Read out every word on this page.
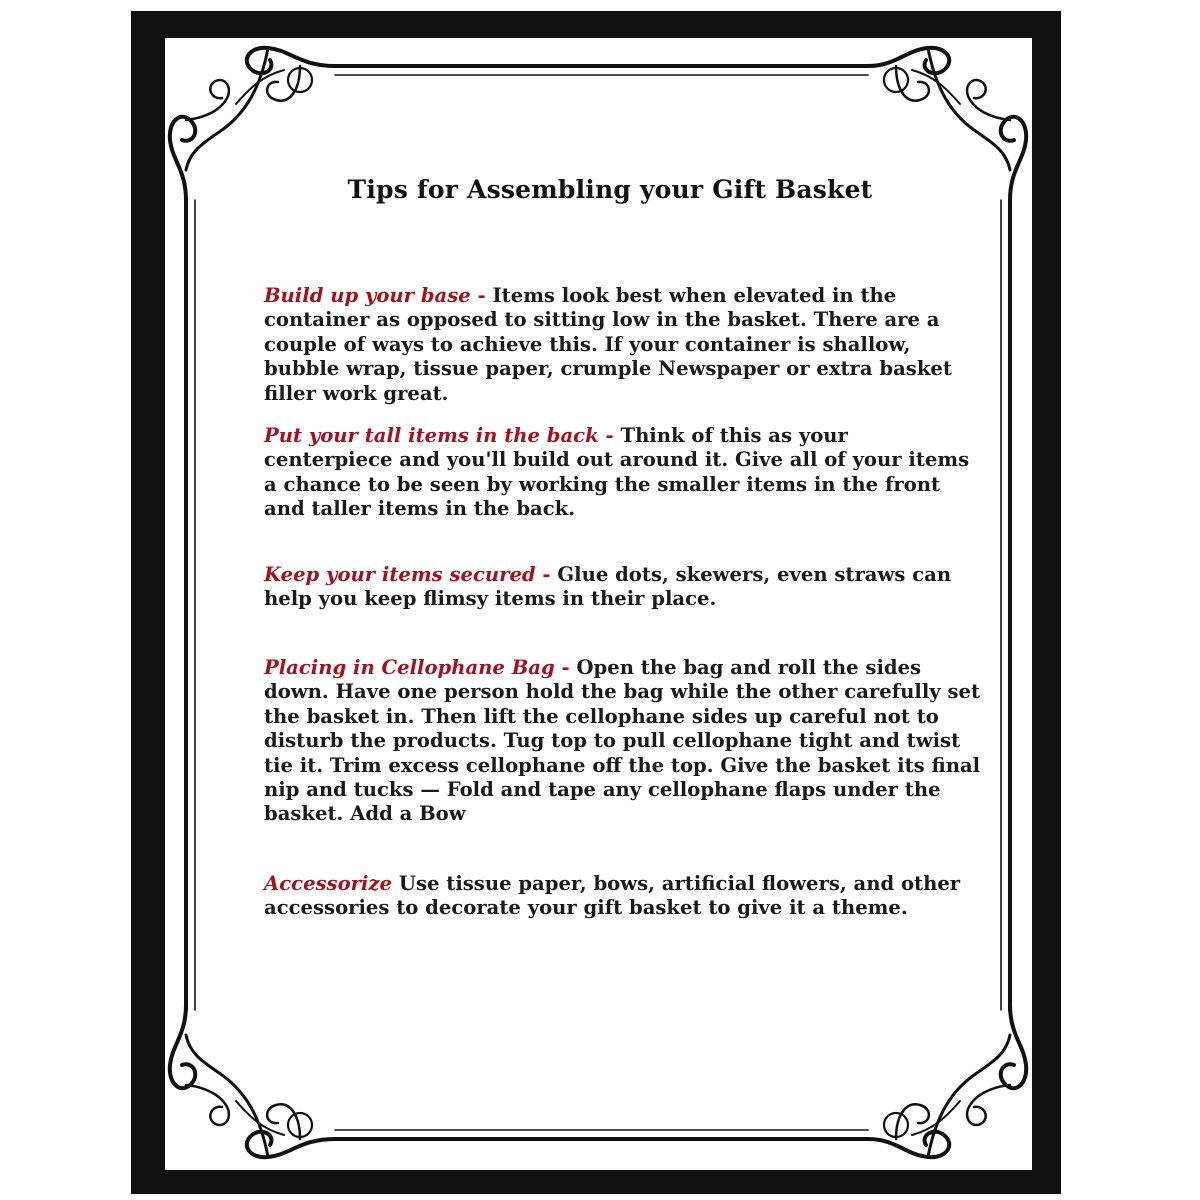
Tips for Assembling your Gift Basket

Build up your base - Items look best when elevated in the container as opposed to sitting low in the basket. There are a couple of ways to achieve this. If your container is shallow, bubble wrap, tissue paper, crumple Newspaper or extra basket filler work great.

Put your tall items in the back - Think of this as your centerpiece and you'll build out around it. Give all of your items a chance to be seen by working the smaller items in the front and taller items in the back.

Keep your items secured - Glue dots, skewers, even straws can help you keep flimsy items in their place.

Placing in Cellophane Bag - Open the bag and roll the sides down. Have one person hold the bag while the other carefully set the basket in. Then lift the cellophane sides up careful not to disturb the products. Tug top to pull cellophane tight and twist tie it. Trim excess cellophane off the top. Give the basket its final nip and tucks — Fold and tape any cellophane flaps under the basket. Add a Bow

Accessorize Use tissue paper, bows, artificial flowers, and other accessories to decorate your gift basket to give it a theme.
